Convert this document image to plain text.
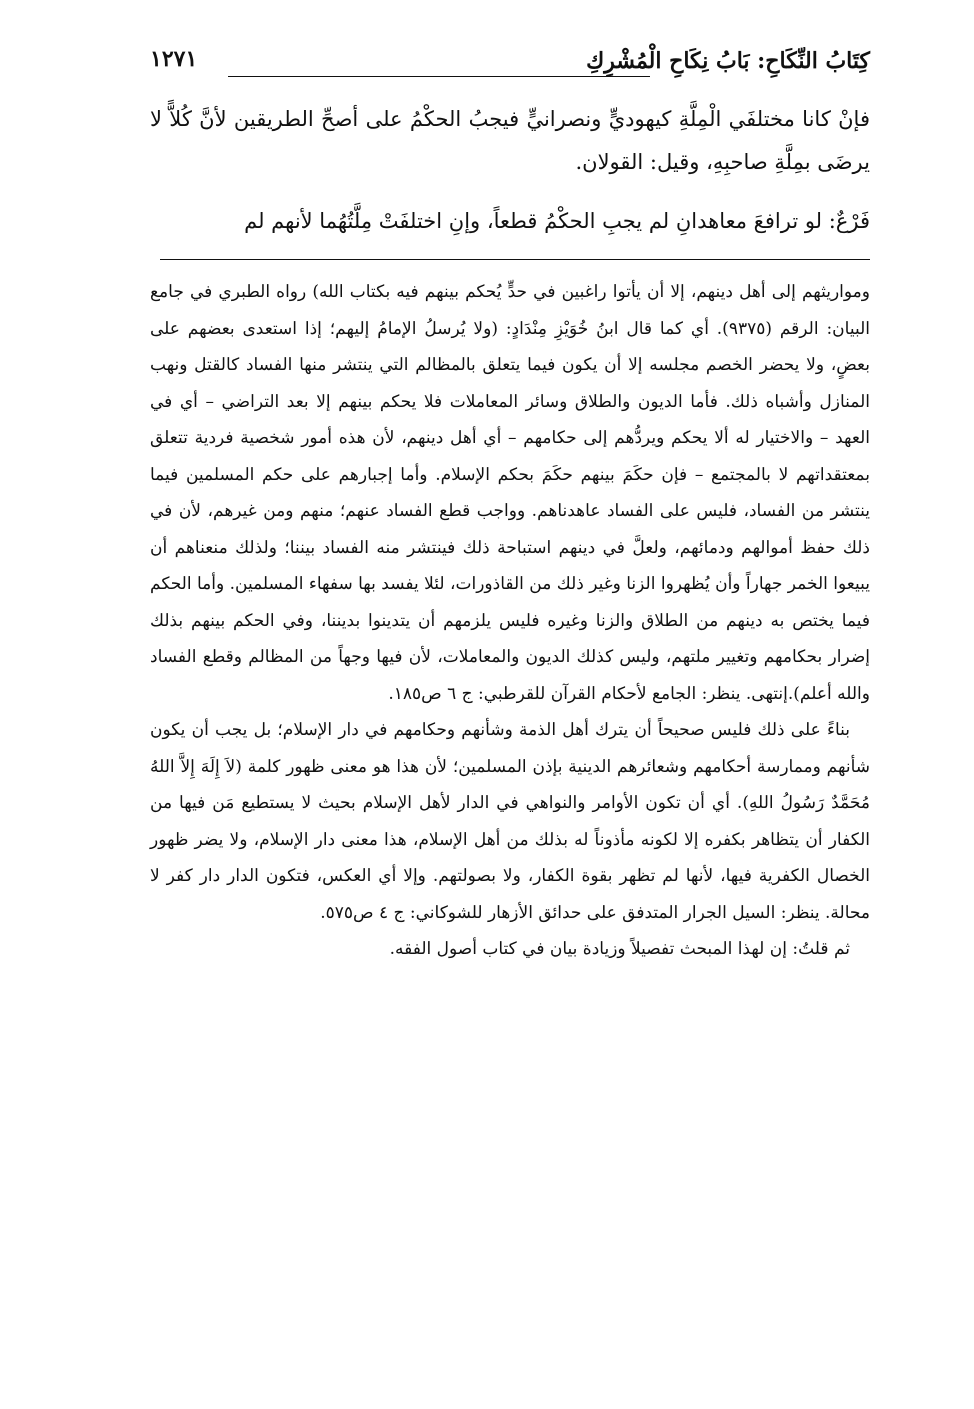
كِتَابُ النِّكَاحِ: بَابُ نِكَاحِ الْمُشْرِكِ
١٢٧١

فإنْ كانا مختلفَي الْمِلَّةِ كيهوديٍّ ونصرانيٍّ فيجبُ الحكْمُ على أصحِّ الطريقين لأنَّ كُلاًّ لا يرضَى بمِلَّةِ صاحبِهِ، وقيل: القولان.

فَرْعٌ: لو ترافعَ معاهدانِ لم يجبِ الحكْمُ قطعاً، وإنِ اختلفَتْ مِلَّتُهُما لأنهم لم

ومواريثهم إلى أهل دينهم، إلا أن يأتوا راغبين في حدٍّ يُحكم بينهم فيه بكتاب الله) رواه الطبري في جامع البيان: الرقم (٩٣٧٥). أي كما قال ابنُ خُوَيْزِ مِنْدَادٍ: (ولا يُرسلُ الإمامُ إليهم؛ إذا استعدى بعضهم على بعضٍ، ولا يحضر الخصم مجلسه إلا أن يكون فيما يتعلق بالمظالم التي ينتشر منها الفساد كالقتل ونهب المنازل وأشباه ذلك. فأما الديون والطلاق وسائر المعاملات فلا يحكم بينهم إلا بعد التراضي – أي في العهد – والاختيار له ألا يحكم ويردُّهم إلى حكامهم – أي أهل دينهم، لأن هذه أمور شخصية فردية تتعلق بمعتقداتهم لا بالمجتمع – فإن حكَمَ بينهم حكَمَ بحكم الإسلام. وأما إجبارهم على حكم المسلمين فيما ينتشر من الفساد، فليس على الفساد عاهدناهم. وواجب قطع الفساد عنهم؛ منهم ومن غيرهم، لأن في ذلك حفظ أموالهم ودمائهم، ولعلَّ في دينهم استباحة ذلك فينتشر منه الفساد بيننا؛ ولذلك منعناهم أن يبيعوا الخمر جهاراً وأن يُظهروا الزنا وغير ذلك من القاذورات، لئلا يفسد بها سفهاء المسلمين. وأما الحكم فيما يختص به دينهم من الطلاق والزنا وغيره فليس يلزمهم أن يتدينوا بديننا، وفي الحكم بينهم بذلك إضرار بحكامهم وتغيير ملتهم، وليس كذلك الديون والمعاملات، لأن فيها وجهاً من المظالم وقطع الفساد والله أعلم).إنتهى. ينظر: الجامع لأحكام القرآن للقرطبي: ج ٦ ص١٨٥.

بناءً على ذلك فليس صحيحاً أن يترك أهل الذمة وشأنهم وحكامهم في دار الإسلام؛ بل يجب أن يكون شأنهم وممارسة أحكامهم وشعائرهم الدينية بإذن المسلمين؛ لأن هذا هو معنى ظهور كلمة (لاَ إِلَهَ إِلاَّ اللهُ مُحَمَّدٌ رَسُولُ اللهِ). أي أن تكون الأوامر والنواهي في الدار لأهل الإسلام بحيث لا يستطيع مَن فيها من الكفار أن يتظاهر بكفره إلا لكونه مأذوناً له بذلك من أهل الإسلام، هذا معنى دار الإسلام، ولا يضر ظهور الخصال الكفرية فيها، لأنها لم تظهر بقوة الكفار، ولا بصولتهم. وإلا أي العكس، فتكون الدار دار كفر لا محالة. ينظر: السيل الجرار المتدفق على حدائق الأزهار للشوكاني: ج ٤ ص٥٧٥.

ثم قلتُ: إن لهذا المبحث تفصيلاً وزيادة بيان في كتاب أصول الفقه.
